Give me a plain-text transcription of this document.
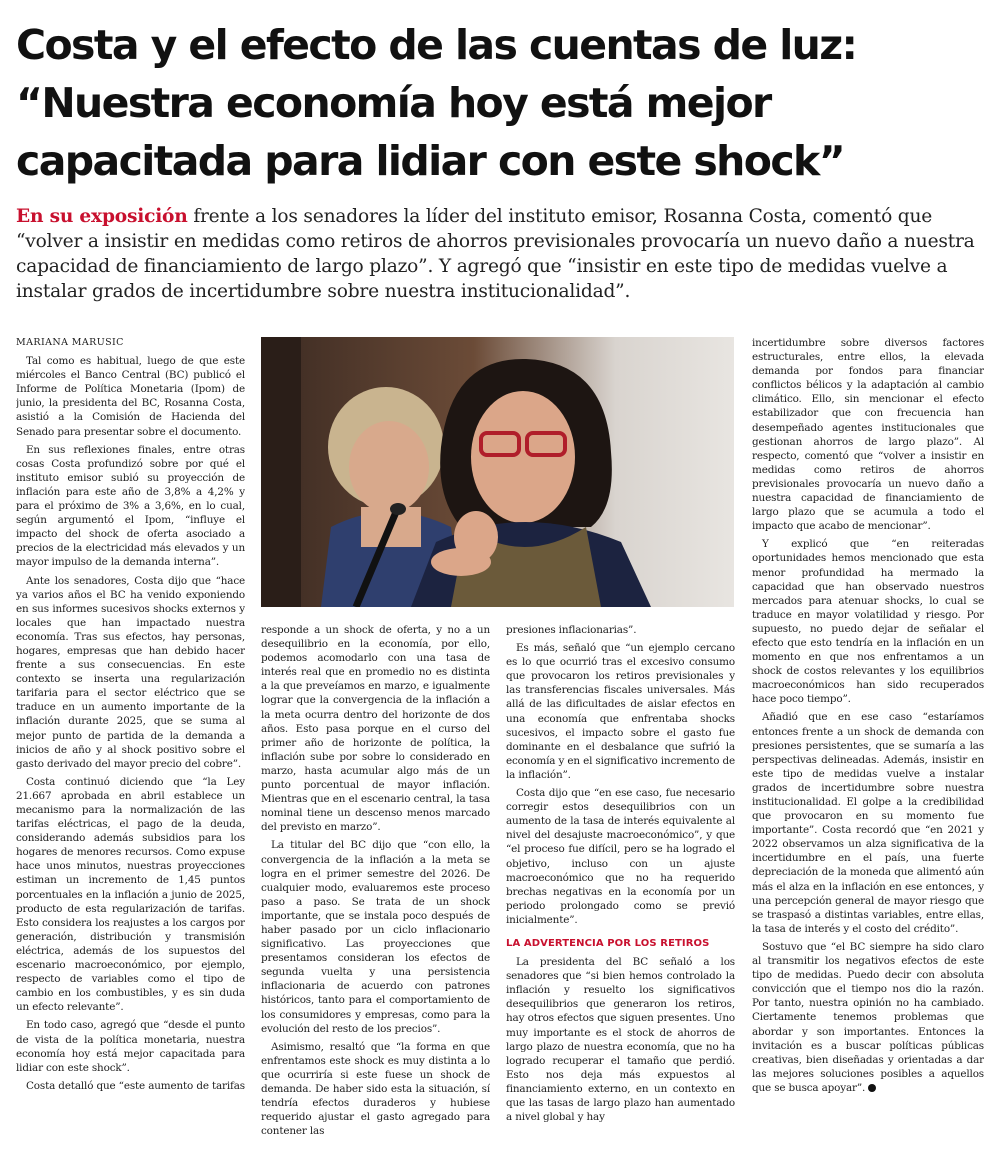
Costa y el efecto de las cuentas de luz:
“Nuestra economía hoy está mejor
capacitada para lidiar con este shock”
En su exposición frente a los senadores la líder del instituto emisor, Rosanna Costa, comentó que “volver a insistir en medidas como retiros de ahorros previsionales provocaría un nuevo daño a nuestra capacidad de financiamiento de largo plazo”. Y agregó que “insistir en este tipo de medidas vuelve a instalar grados de incertidumbre sobre nuestra institucionalidad”.
MARIANA MARUSIC

Tal como es habitual, luego de que este miércoles el Banco Central (BC) publicó el Informe de Política Monetaria (Ipom) de junio, la presidenta del BC, Rosanna Costa, asistió a la Comisión de Hacienda del Senado para presentar sobre el documento.

En sus reflexiones finales, entre otras cosas Costa profundizó sobre por qué el instituto emisor subió su proyección de inflación para este año de 3,8% a 4,2% y para el próximo de 3% a 3,6%, en lo cual, según argumentó el Ipom, “influye el impacto del shock de oferta asociado a precios de la electricidad más elevados y un mayor impulso de la demanda interna”.

Ante los senadores, Costa dijo que “hace ya varios años el BC ha venido exponiendo en sus informes sucesivos shocks externos y locales que han impactado nuestra economía. Tras sus efectos, hay personas, hogares, empresas que han debido hacer frente a sus consecuencias. En este contexto se inserta una regularización tarifaria para el sector eléctrico que se traduce en un aumento importante de la inflación durante 2025, que se suma al mejor punto de partida de la demanda a inicios de año y al shock positivo sobre el gasto derivado del mayor precio del cobre”.

Costa continuó diciendo que “la Ley 21.667 aprobada en abril establece un mecanismo para la normalización de las tarifas eléctricas, el pago de la deuda, considerando además subsidios para los hogares de menores recursos. Como expuse hace unos minutos, nuestras proyecciones estiman un incremento de 1,45 puntos porcentuales en la inflación a junio de 2025, producto de esta regularización de tarifas. Esto considera los reajustes a los cargos por generación, distribución y transmisión eléctrica, además de los supuestos del escenario macroeconómico, por ejemplo, respecto de variables como el tipo de cambio en los combustibles, y es sin duda un efecto relevante”.

En todo caso, agregó que “desde el punto de vista de la política monetaria, nuestra economía hoy está mejor capacitada para lidiar con este shock”.

Costa detalló que “este aumento de tarifas

responde a un shock de oferta, y no a un desequilibrio en la economía, por ello, podemos acomodarlo con una tasa de interés real que en promedio no es distinta a la que preveíamos en marzo, e igualmente lograr que la convergencia de la inflación a la meta ocurra dentro del horizonte de dos años. Esto pasa porque en el curso del primer año de horizonte de política, la inflación sube por sobre lo considerado en marzo, hasta acumular algo más de un punto porcentual de mayor inflación. Mientras que en el escenario central, la tasa nominal tiene un descenso menos marcado del previsto en marzo”.

La titular del BC dijo que “con ello, la convergencia de la inflación a la meta se logra en el primer semestre del 2026. De cualquier modo, evaluaremos este proceso paso a paso. Se trata de un shock importante, que se instala poco después de haber pasado por un ciclo inflacionario significativo. Las proyecciones que presentamos consideran los efectos de segunda vuelta y una persistencia inflacionaria de acuerdo con patrones históricos, tanto para el comportamiento de los consumidores y empresas, como para la evolución del resto de los precios”.

Asimismo, resaltó que “la forma en que enfrentamos este shock es muy distinta a lo que ocurriría si este fuese un shock de demanda. De haber sido esta la situación, sí tendría efectos duraderos y hubiese requerido ajustar el gasto agregado para contener las

presiones inflacionarias”.

Es más, señaló que “un ejemplo cercano es lo que ocurrió tras el excesivo consumo que provocaron los retiros previsionales y las transferencias fiscales universales. Más allá de las dificultades de aislar efectos en una economía que enfrentaba shocks sucesivos, el impacto sobre el gasto fue dominante en el desbalance que sufrió la economía y en el significativo incremento de la inflación”.

Costa dijo que “en ese caso, fue necesario corregir estos desequilibrios con un aumento de la tasa de interés equivalente al nivel del desajuste macroeconómico”, y que “el proceso fue difícil, pero se ha logrado el objetivo, incluso con un ajuste macroeconómico que no ha requerido brechas negativas en la economía por un periodo prolongado como se previó inicialmente”.

LA ADVERTENCIA POR LOS RETIROS

La presidenta del BC señaló a los senadores que “si bien hemos controlado la inflación y resuelto los significativos desequilibrios que generaron los retiros, hay otros efectos que siguen presentes. Uno muy importante es el stock de ahorros de largo plazo de nuestra economía, que no ha logrado recuperar el tamaño que perdió. Esto nos deja más expuestos al financiamiento externo, en un contexto en que las tasas de largo plazo han aumentado a nivel global y hay

incertidumbre sobre diversos factores estructurales, entre ellos, la elevada demanda por fondos para financiar conflictos bélicos y la adaptación al cambio climático. Ello, sin mencionar el efecto estabilizador que con frecuencia han desempeñado agentes institucionales que gestionan ahorros de largo plazo”. Al respecto, comentó que “volver a insistir en medidas como retiros de ahorros previsionales provocaría un nuevo daño a nuestra capacidad de financiamiento de largo plazo que se acumula a todo el impacto que acabo de mencionar”.

Y explicó que “en reiteradas oportunidades hemos mencionado que esta menor profundidad ha mermado la capacidad que han observado nuestros mercados para atenuar shocks, lo cual se traduce en mayor volatilidad y riesgo. Por supuesto, no puedo dejar de señalar el efecto que esto tendría en la inflación en un momento en que nos enfrentamos a un shock de costos relevantes y los equilibrios macroeconómicos han sido recuperados hace poco tiempo”.

Añadió que en ese caso “estaríamos entonces frente a un shock de demanda con presiones persistentes, que se sumaría a las perspectivas delineadas. Además, insistir en este tipo de medidas vuelve a instalar grados de incertidumbre sobre nuestra institucionalidad. El golpe a la credibilidad que provocaron en su momento fue importante”. Costa recordó que “en 2021 y 2022 observamos un alza significativa de la incertidumbre en el país, una fuerte depreciación de la moneda que alimentó aún más el alza en la inflación en ese entonces, y una percepción general de mayor riesgo que se traspasó a distintas variables, entre ellas, la tasa de interés y el costo del crédito”.

Sostuvo que “el BC siempre ha sido claro al transmitir los negativos efectos de este tipo de medidas. Puedo decir con absoluta convicción que el tiempo nos dio la razón. Por tanto, nuestra opinión no ha cambiado. Ciertamente tenemos problemas que abordar y son importantes. Entonces la invitación es a buscar políticas públicas creativas, bien diseñadas y orientadas a dar las mejores soluciones posibles a aquellos que se busca apoyar”.
